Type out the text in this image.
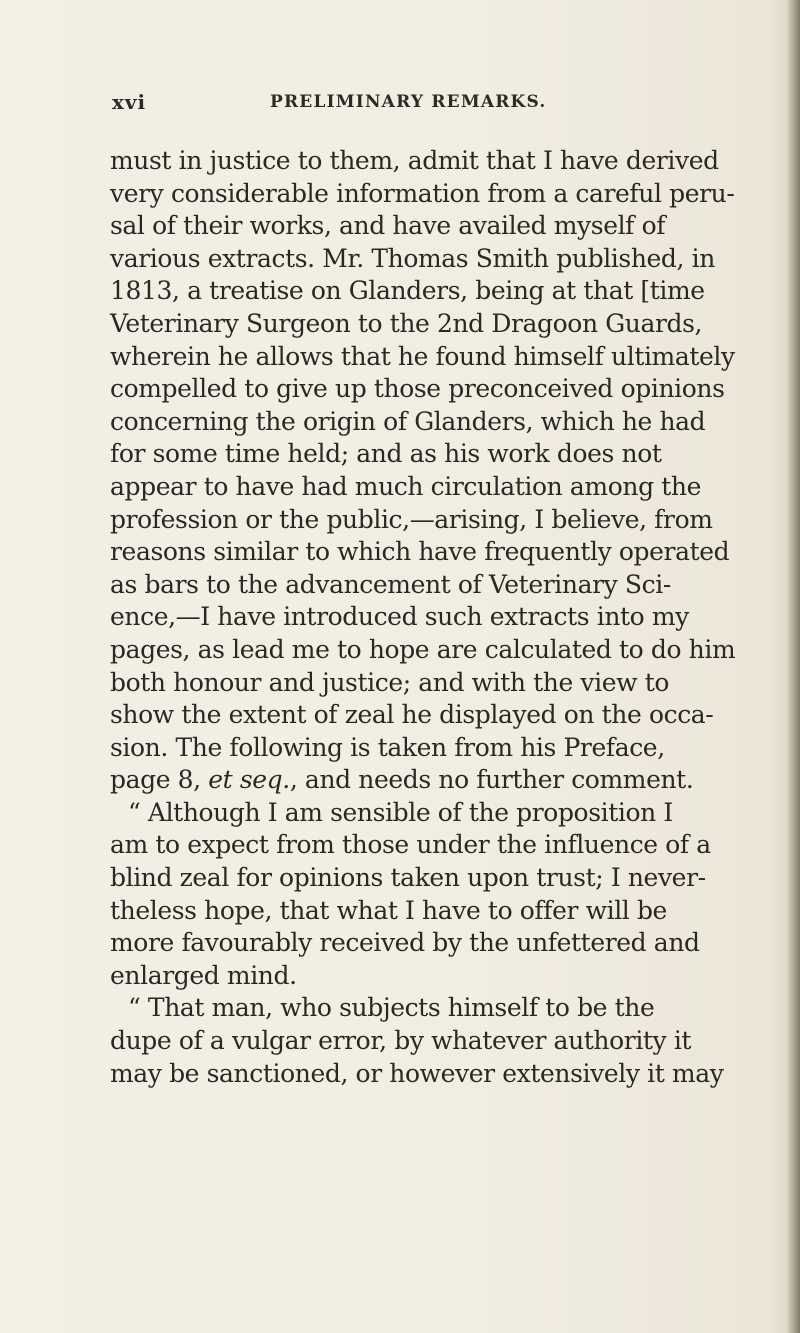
xvi	PRELIMINARY REMARKS.
must in justice to them, admit that I have derived
very considerable information from a careful peru-
sal of their works, and have availed myself of
various extracts. Mr. Thomas Smith published, in
1813, a treatise on Glanders, being at that [time
Veterinary Surgeon to the 2nd Dragoon Guards,
wherein he allows that he found himself ultimately
compelled to give up those preconceived opinions
concerning the origin of Glanders, which he had
for some time held; and as his work does not
appear to have had much circulation among the
profession or the public,—arising, I believe, from
reasons similar to which have frequently operated
as bars to the advancement of Veterinary Sci-
ence,—I have introduced such extracts into my
pages, as lead me to hope are calculated to do him
both honour and justice; and with the view to
show the extent of zeal he displayed on the occa-
sion. The following is taken from his Preface,
page 8, et seq., and needs no further comment.
“ Although I am sensible of the proposition I
am to expect from those under the influence of a
blind zeal for opinions taken upon trust; I never-
theless hope, that what I have to offer will be
more favourably received by the unfettered and
enlarged mind.
“ That man, who subjects himself to be the
dupe of a vulgar error, by whatever authority it
may be sanctioned, or however extensively it may
